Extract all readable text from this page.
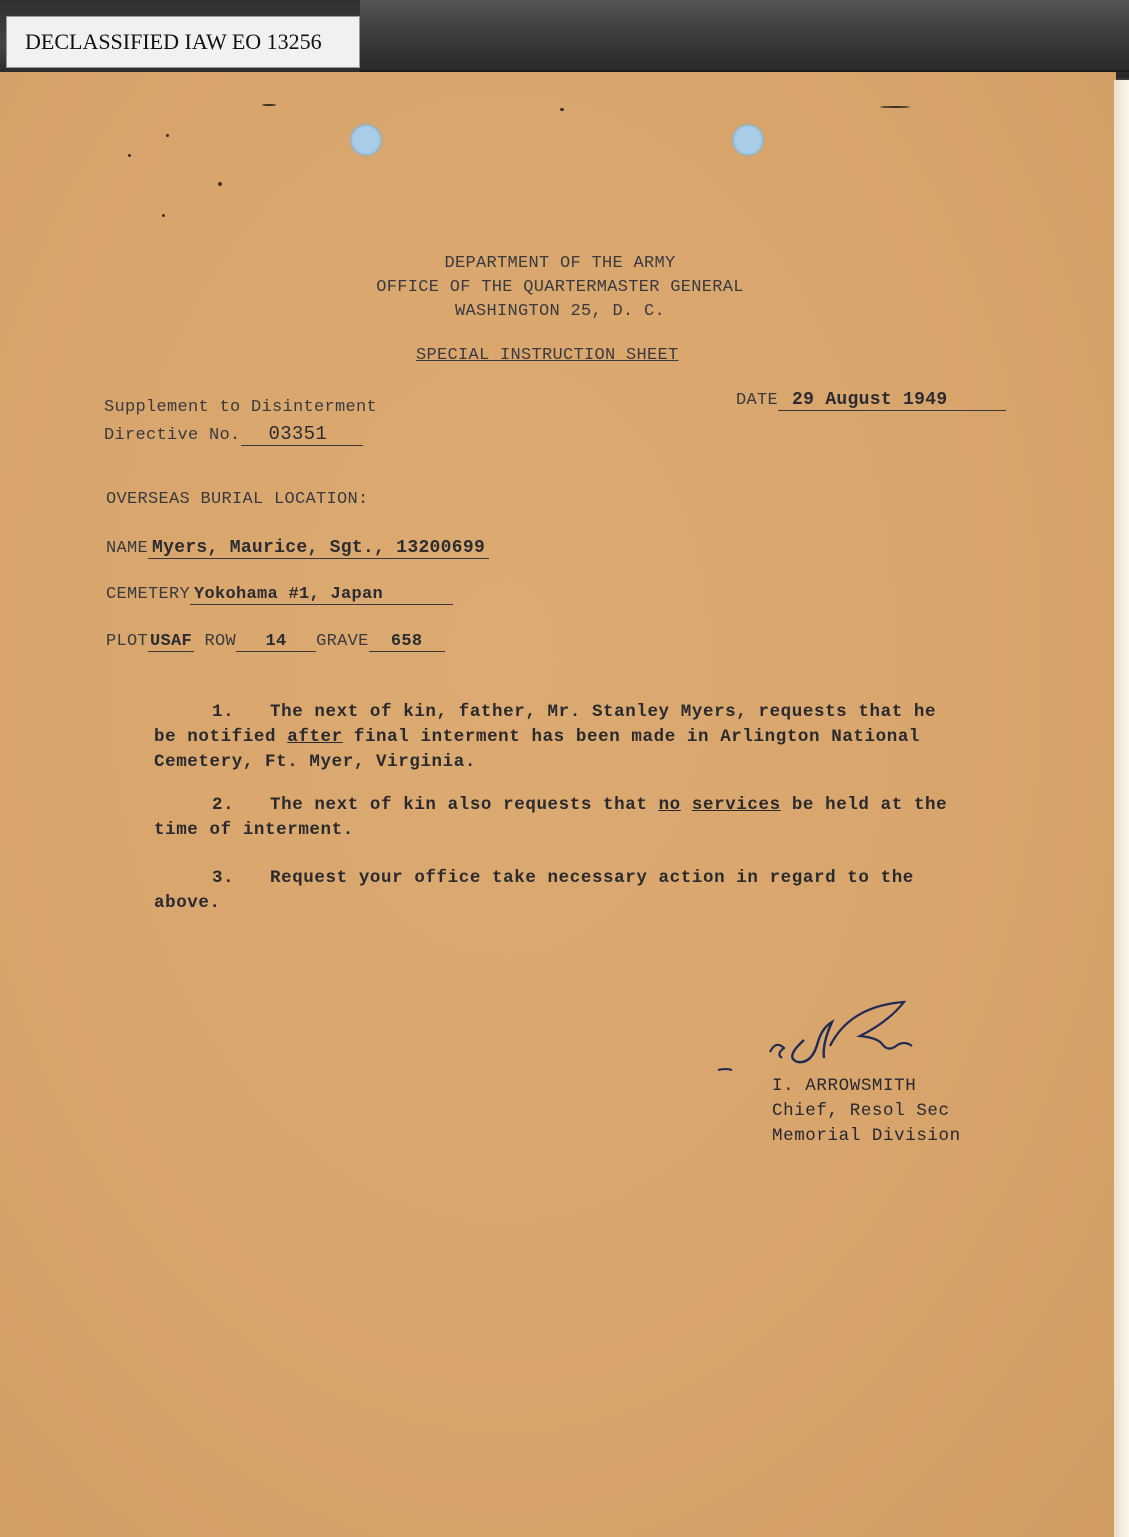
DECLASSIFIED IAW EO 13256
DEPARTMENT OF THE ARMY
OFFICE OF THE QUARTERMASTER GENERAL
WASHINGTON 25, D. C.
SPECIAL INSTRUCTION SHEET
Supplement to Disinterment
Directive No. 03351
DATE 29 August 1949
OVERSEAS BURIAL LOCATION:
NAME Myers, Maurice, Sgt., 13200699
CEMETERY Yokohama #1, Japan
PLOT USAF ROW 14 GRAVE 658
1. The next of kin, father, Mr. Stanley Myers, requests that he
be notified after final interment has been made in Arlington National
Cemetery, Ft. Myer, Virginia.
2. The next of kin also requests that no services be held at the
time of interment.
3. Request your office take necessary action in regard to the
above.
I. ARROWSMITH
Chief, Resol Sec
Memorial Division
